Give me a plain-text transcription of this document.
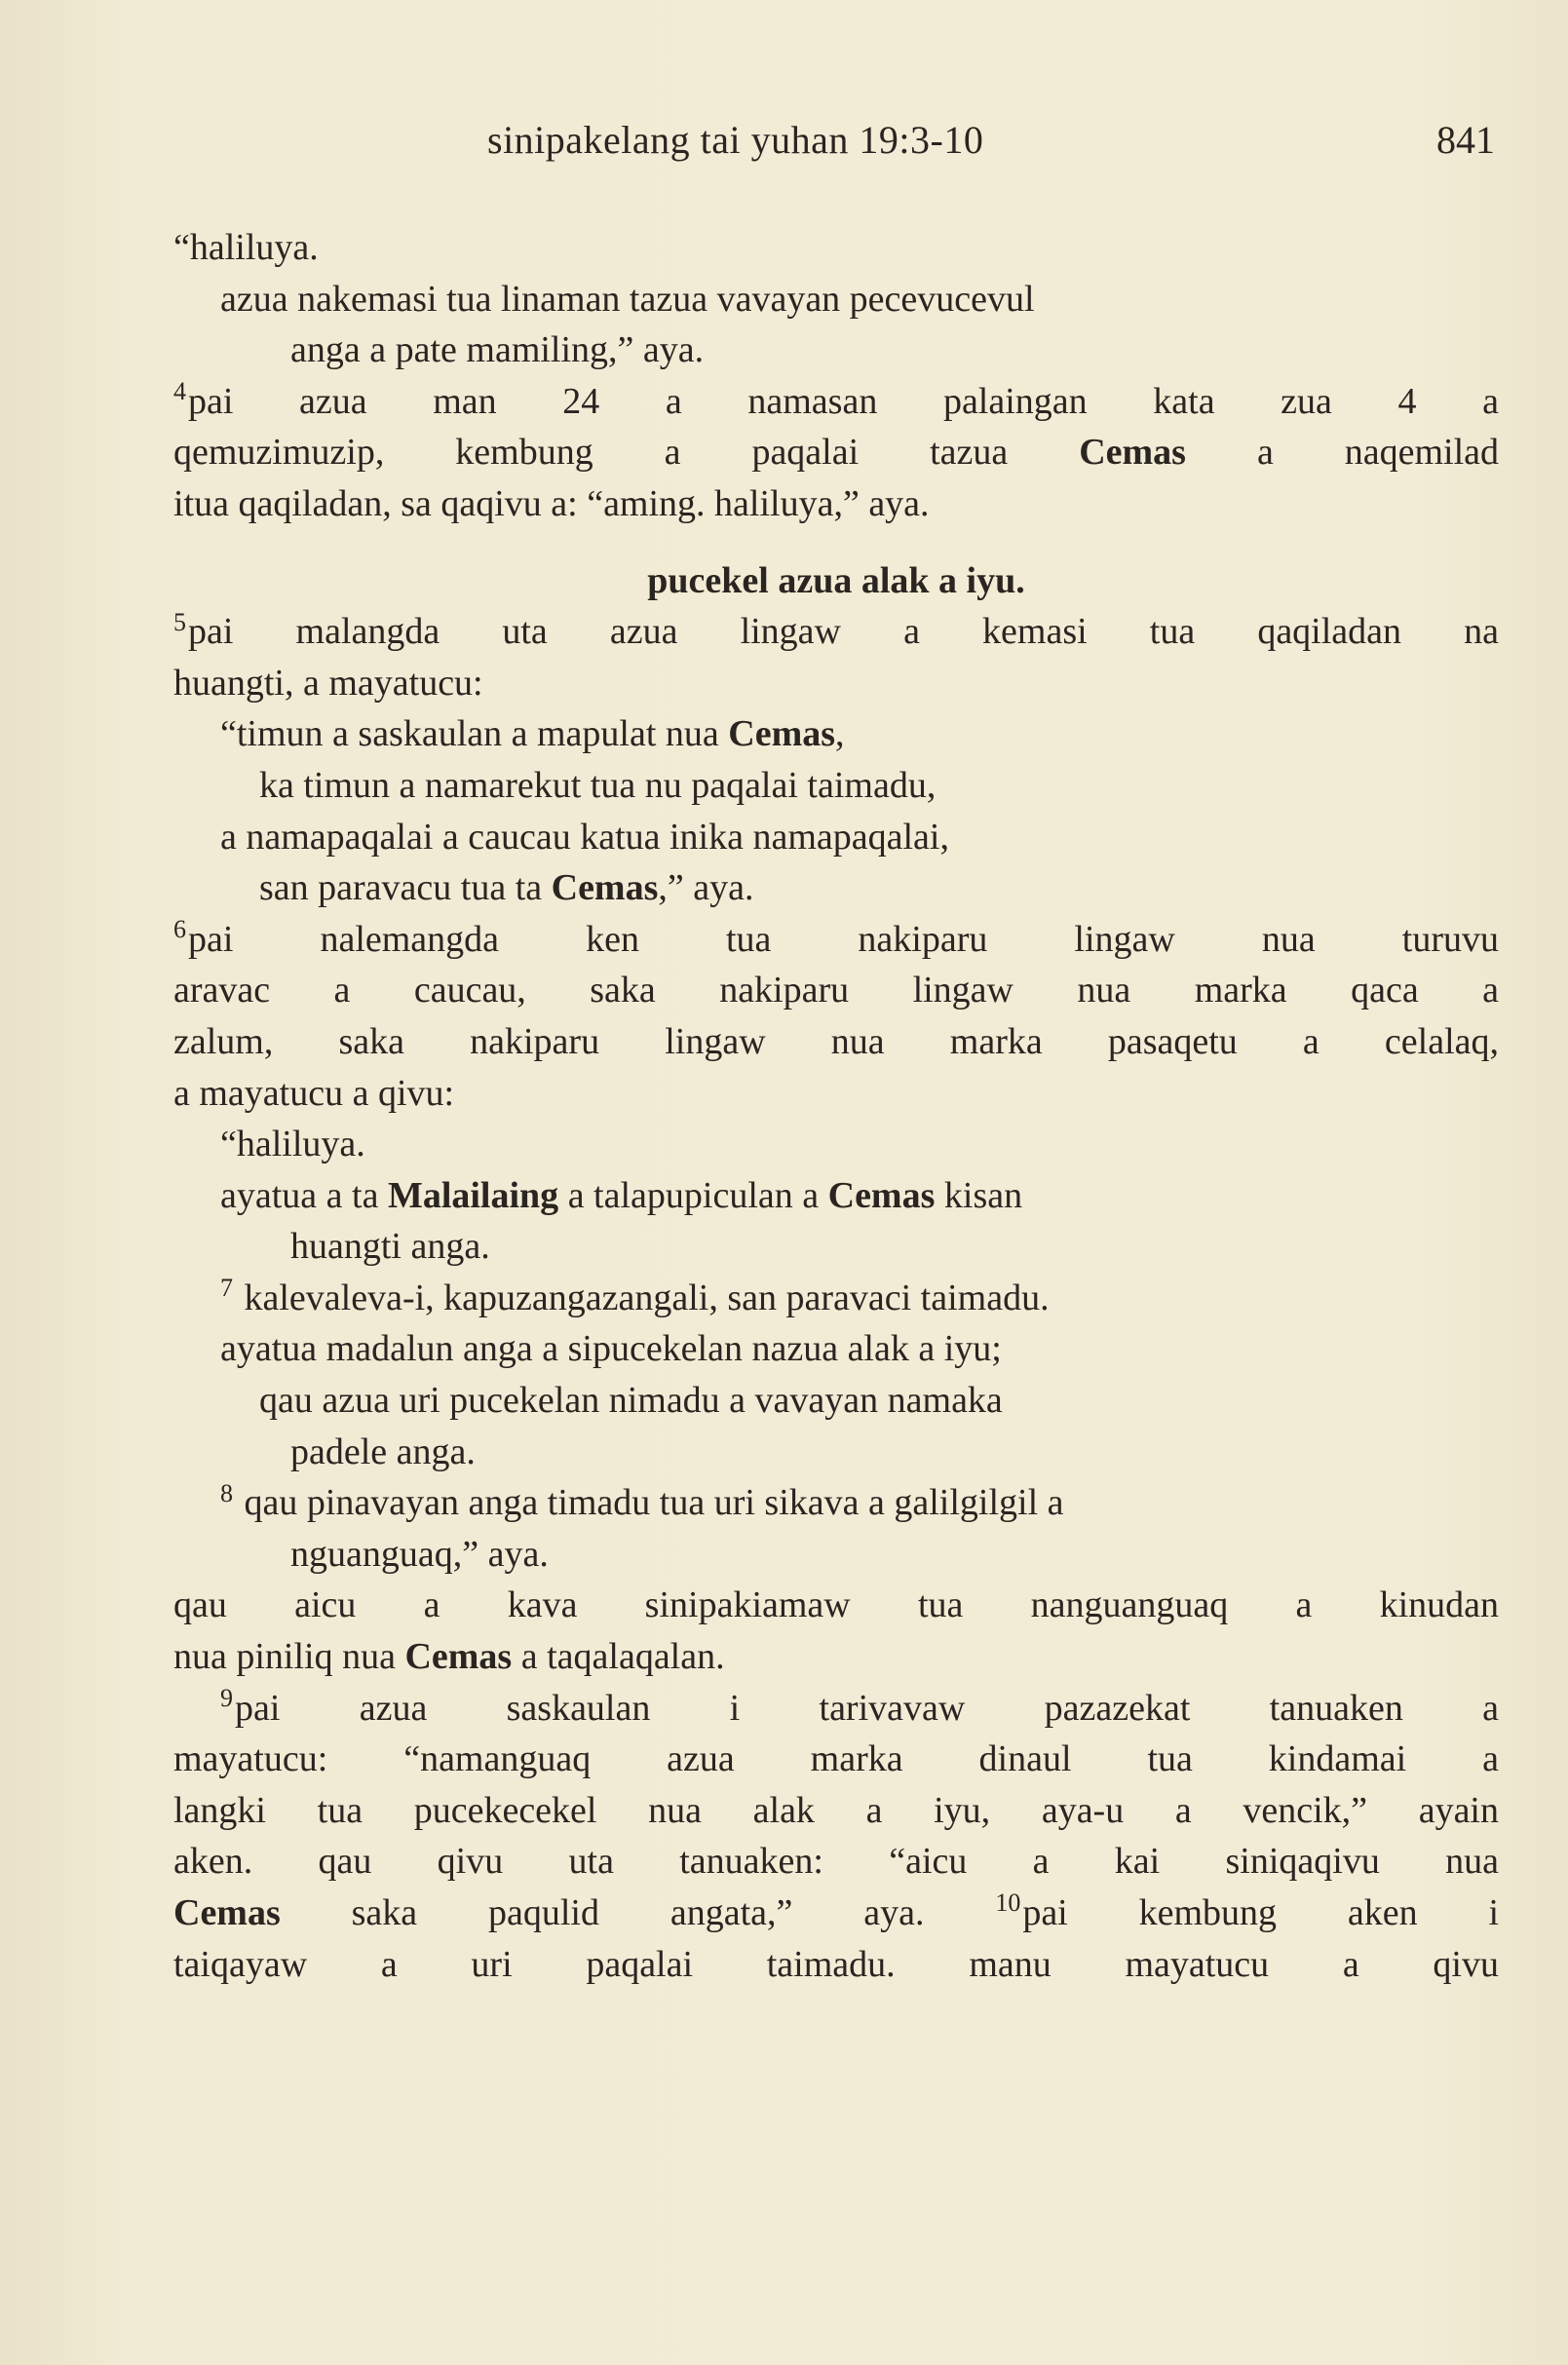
sinipakelang tai yuhan 19:3-10	841
“haliluya.
azua nakemasi tua linaman tazua vavayan pecevucevul
anga a pate mamiling,” aya.
$^4$pai azua man 24 a namasan palaingan kata zua 4 a
qemuzimuzip, kembung a paqalai tazua Cemas a naqemilad
itua qaqiladan, sa qaqivu a: “aming. haliluya,” aya.
pucekel azua alak a iyu.
$^5$pai malangda uta azua lingaw a kemasi tua qaqiladan na
huangti, a mayatucu:
“timun a saskaulan a mapulat nua Cemas,
ka timun a namarekut tua nu paqalai taimadu,
a namapaqalai a caucau katua inika namapaqalai,
san paravacu tua ta Cemas,” aya.
$^6$pai nalemangda ken tua nakiparu lingaw nua turuvu
aravac a caucau, saka nakiparu lingaw nua marka qaca a
zalum, saka nakiparu lingaw nua marka pasaqetu a celalaq,
a mayatucu a qivu:
“haliluya.
ayatua a ta Malailaing a talapupiculan a Cemas kisan
huangti anga.
$^7$ kalevaleva-i, kapuzangazangali, san paravaci taimadu.
ayatua madalun anga a sipucekelan nazua alak a iyu;
qau azua uri pucekelan nimadu a vavayan namaka
padele anga.
$^8$ qau pinavayan anga timadu tua uri sikava a galilgilgil a
nguanguaq,” aya.
qau aicu a kava sinipakiamaw tua nanguanguaq a kinudan
nua piniliq nua Cemas a taqalaqalan.
$^9$pai azua saskaulan i tarivavaw pazazekat tanuaken a
mayatucu: “namanguaq azua marka dinaul tua kindamai a
langki tua pucekecekel nua alak a iyu, aya-u a vencik,” ayain
aken. qau qivu uta tanuaken: “aicu a kai siniqaqivu nua
Cemas saka paqulid angata,” aya.	$^{10}$pai kembung aken i
taiqayaw a uri paqalai taimadu. manu mayatucu a qivu
